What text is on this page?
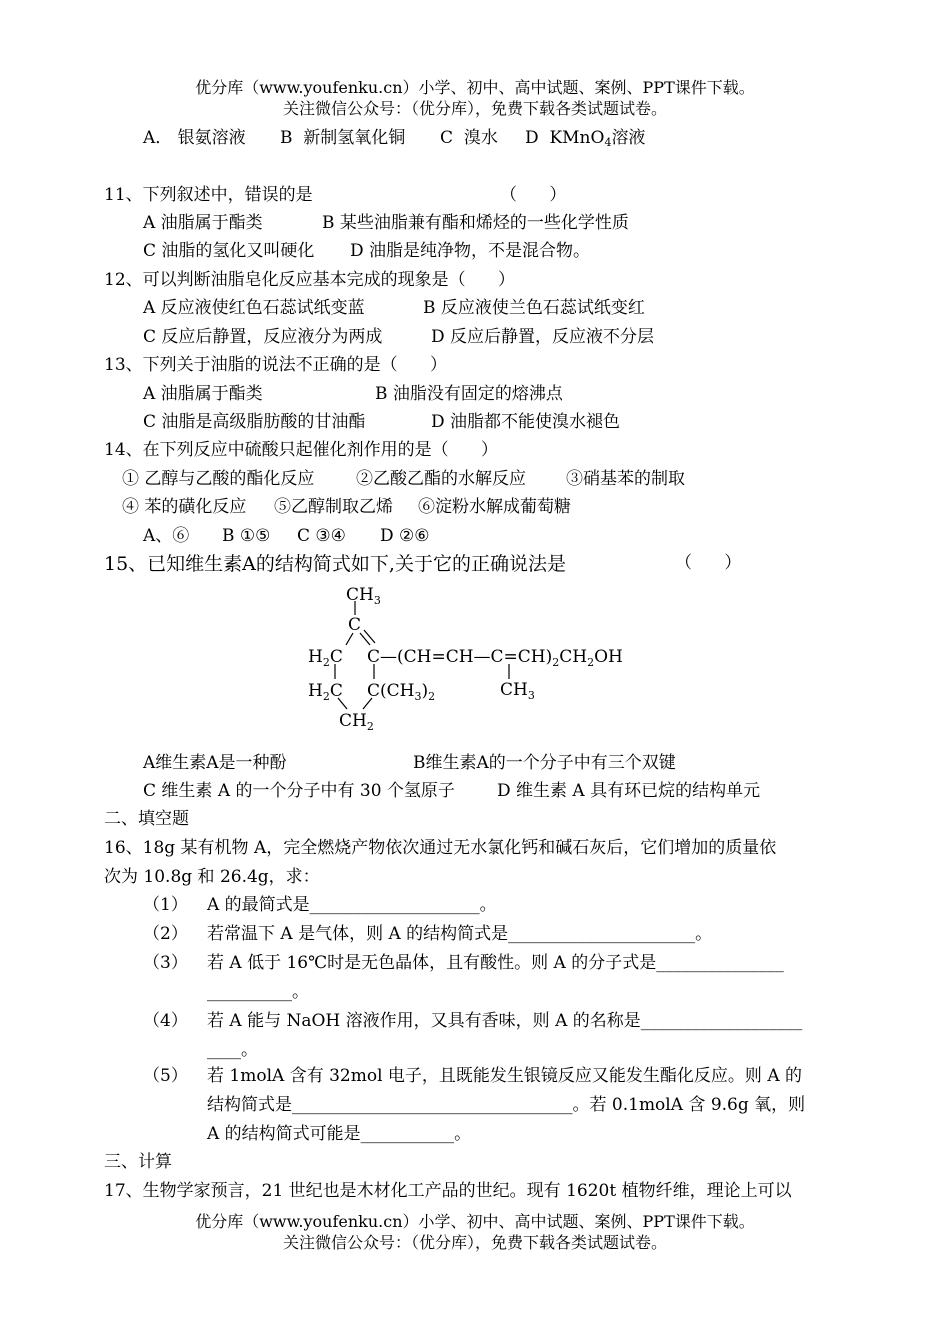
优分库（www.youfenku.cn）小学、初中、高中试题、案例、PPT课件下载。
关注微信公众号：（优分库），免费下载各类试题试卷。
A． 银氨溶液 B  新制氢氧化铜 C  溴水 D  KMnO$_4$溶液
11、下列叙述中，错误的是	（      ）
A 油脂属于酯类	B 某些油脂兼有酯和烯烃的一些化学性质
C 油脂的氢化又叫硬化 D 油脂是纯净物，不是混合物。
12、可以判断油脂皂化反应基本完成的现象是（      ）
A 反应液使红色石蕊试纸变蓝	B 反应液使兰色石蕊试纸变红
C 反应后静置，反应液分为两成	D 反应后静置，反应液不分层
13、下列关于油脂的说法不正确的是（      ）
A 油脂属于酯类	B 油脂没有固定的熔沸点
C 油脂是高级脂肪酸的甘油酯	D 油脂都不能使溴水褪色
14、在下列反应中硫酸只起催化剂作用的是（      ）
① 乙醇与乙酸的酯化反应 ②乙酸乙酯的水解反应 ③硝基苯的制取
④ 苯的磺化反应 ⑤乙醇制取乙烯 ⑥淀粉水解成葡萄糖
A、⑥ B ①⑤ C ③④ D ②⑥
15、已知维生素A的结构简式如下,关于它的正确说法是	（      ）
$CH_3$
C
$H_2C$ $C—(CH=CH—C=CH)_2CH_2OH$
$CH_3$
$H_2C$ $C(CH_3)_2$
$CH_2$
A维生素A是一种酚	B维生素A的一个分子中有三个双键
C 维生素 A 的一个分子中有 30 个氢原子 D 维生素 A 具有环已烷的结构单元
二、填空题
16、18g 某有机物 A，完全燃烧产物依次通过无水氯化钙和碱石灰后，它们增加的质量依
次为 10.8g 和 26.4g，求：
（1） A 的最简式是____________________。
（2） 若常温下 A 是气体，则 A 的结构简式是______________________。
（3） 若 A 低于 16℃时是无色晶体，且有酸性。则 A 的分子式是_______________
__________。
（4） 若 A 能与 NaOH 溶液作用，又具有香味，则 A 的名称是___________________
____。
（5） 若 1molA 含有 32mol 电子，且既能发生银镜反应又能发生酯化反应。则 A 的
结构简式是_________________________________。若 0.1molA 含 9.6g 氧，则
A 的结构简式可能是___________。
三、计算
17、生物学家预言，21 世纪也是木材化工产品的世纪。现有 1620t 植物纤维，理论上可以
优分库（www.youfenku.cn）小学、初中、高中试题、案例、PPT课件下载。
关注微信公众号：（优分库），免费下载各类试题试卷。
